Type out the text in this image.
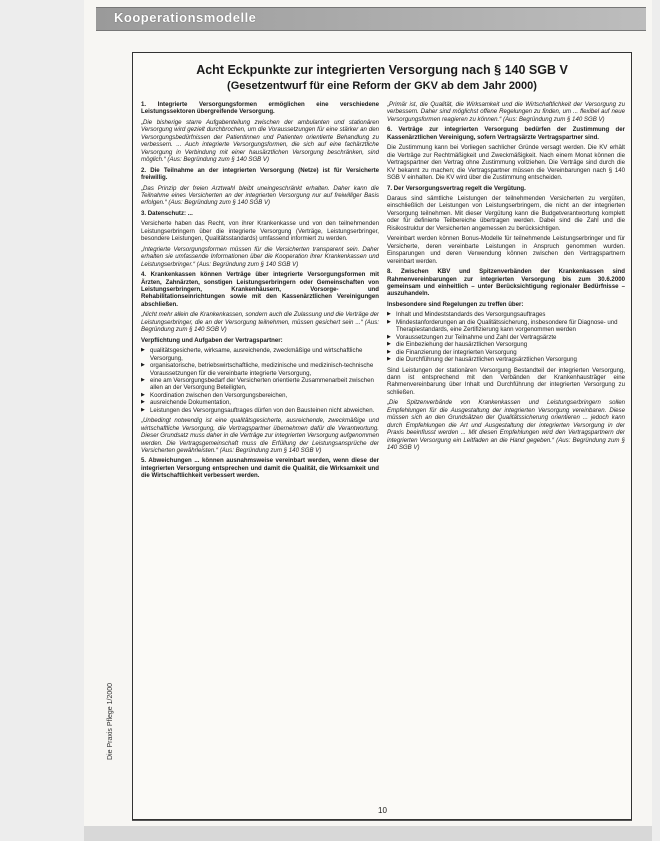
Kooperationsmodelle
Acht Eckpunkte zur integrierten Versorgung nach § 140 SGB V
(Gesetzentwurf für eine Reform der GKV ab dem Jahr 2000)

1. Integrierte Versorgungsformen ermöglichen eine verschiedene Leistungssektoren übergreifende Versorgung.

„Die bisherige starre Aufgabenteilung zwischen der ambulanten und stationären Versorgung wird gezielt durchbrochen, um die Voraussetzungen für eine stärker an den Versorgungsbedürfnissen der Patientinnen und Patienten orientierte Behandlung zu verbessern. ... Auch integrierte Versorgungsformen, die sich auf eine fachärztliche Versorgung in Verbindung mit einer hausärztlichen Versorgung beschränken, sind möglich.“ (Aus: Begründung zum § 140 SGB V)

2. Die Teilnahme an der integrierten Versorgung (Netze) ist für Versicherte freiwillig.

„Das Prinzip der freien Arztwahl bleibt uneingeschränkt erhalten. Daher kann die Teilnahme eines Versicherten an der integrierten Versorgung nur auf freiwilliger Basis erfolgen.“ (Aus: Begründung zum § 140 SGB V)

3. Datenschutz: ...

Versicherte haben das Recht, von ihrer Krankenkasse und von den teilnehmenden Leistungserbringern über die integrierte Versorgung (Verträge, Leistungserbringer, besondere Leistungen, Qualitätsstandards) umfassend informiert zu werden.

„Integrierte Versorgungsformen müssen für die Versicherten transparent sein. Daher erhalten sie umfassende Informationen über die Kooperation ihrer Krankenkassen und Leistungserbringer.“ (Aus: Begründung zum § 140 SGB V)

4. Krankenkassen können Verträge über integrierte Versorgungsformen mit Ärzten, Zahnärzten, sonstigen Leistungserbringern oder Gemeinschaften von Leistungserbringern, Krankenhäusern, Vorsorge- und Rehabilitationseinrichtungen sowie mit den Kassenärztlichen Vereinigungen abschließen.

„Nicht mehr allein die Krankenkassen, sondern auch die Zulassung und die Verträge der Leistungserbringer, die an der Versorgung teilnehmen, müssen gesichert sein ...“ (Aus: Begründung zum § 140 SGB V)

Verpflichtung und Aufgaben der Vertragspartner:

▶ qualitätsgesicherte, wirksame, ausreichende, zweckmäßige und wirtschaftliche Versorgung,
▶ organisatorische, betriebswirtschaftliche, medizinische und medizinisch-technische Voraussetzungen für die vereinbarte integrierte Versorgung,
▶ eine am Versorgungsbedarf der Versicherten orientierte Zusammenarbeit zwischen allen an der Versorgung Beteiligten,
▶ Koordination zwischen den Versorgungsbereichen,
▶ ausreichende Dokumentation,
▶ Leistungen des Versorgungsauftrages dürfen von den Bausteinen nicht abweichen.

„Unbedingt notwendig ist eine qualitätsgesicherte, ausreichende, zweckmäßige und wirtschaftliche Versorgung, die Vertragspartner übernehmen dafür die Verantwortung. Dieser Grundsatz muss daher in die Verträge zur integrierten Versorgung aufgenommen werden. Die Vertragsgemeinschaft muss die Erfüllung der Leistungsansprüche der Versicherten gewährleisten.“ (Aus: Begründung zum § 140 SGB V)

5. Abweichungen ... können ausnahmsweise vereinbart werden, wenn diese der integrierten Versorgung entsprechen und damit die Qualität, die Wirksamkeit und die Wirtschaftlichkeit verbessert werden.

„Primär ist, die Qualität, die Wirksamkeit und die Wirtschaftlichkeit der Versorgung zu verbessern. Daher sind möglichst offene Regelungen zu finden, um ... flexibel auf neue Versorgungsformen reagieren zu können.“ (Aus: Begründung zum § 140 SGB V)

6. Verträge zur integrierten Versorgung bedürfen der Zustimmung der Kassenärztlichen Vereinigung, sofern Vertragsärzte Vertragspartner sind.

Die Zustimmung kann bei Vorliegen sachlicher Gründe versagt werden. Die KV erhält die Verträge zur Rechtmäßigkeit und Zweckmäßigkeit. Nach einem Monat können die Vertragspartner den Vertrag ohne Zustimmung vollziehen. Die Verträge sind durch die KV bekannt zu machen; die Vertragspartner müssen die Vereinbarungen nach § 140 SGB V einhalten. Die KV wird über die Zustimmung entscheiden.

7. Der Versorgungsvertrag regelt die Vergütung.

Daraus sind sämtliche Leistungen der teilnehmenden Versicherten zu vergüten, einschließlich der Leistungen von Leistungserbringern, die nicht an der integrierten Versorgung teilnehmen. Mit dieser Vergütung kann die Budgetverantwortung komplett oder für definierte Teilbereiche übertragen werden. Dabei sind die Zahl und die Risikostruktur der Versicherten angemessen zu berücksichtigen.

Vereinbart werden können Bonus-Modelle für teilnehmende Leistungserbringer und für Versicherte, deren vereinbarte Leistungen in Anspruch genommen wurden. Einsparungen und deren Verwendung können zwischen den Vertragspartnern vereinbart werden.

8. Zwischen KBV und Spitzenverbänden der Krankenkassen sind Rahmenvereinbarungen zur integrierten Versorgung bis zum 30.6.2000 gemeinsam und einheitlich – unter Berücksichtigung regionaler Bedürfnisse – auszuhandeln.

Insbesondere sind Regelungen zu treffen über:

▶ Inhalt und Mindeststandards des Versorgungsauftrages
▶ Mindestanforderungen an die Qualitätssicherung, insbesondere für Diagnose- und Therapiestandards, eine Zertifizierung kann vorgenommen werden
▶ Voraussetzungen zur Teilnahme und Zahl der Vertragsärzte
▶ die Einbeziehung der hausärztlichen Versorgung
▶ die Finanzierung der integrierten Versorgung
▶ die Durchführung der hausärztlichen vertragsärztlichen Versorgung

Sind Leistungen der stationären Versorgung Bestandteil der integrierten Versorgung, dann ist entsprechend mit den Verbänden der Krankenhausträger eine Rahmenvereinbarung über Inhalt und Durchführung der integrierten Versorgung zu schließen.

„Die Spitzenverbände von Krankenkassen und Leistungserbringern sollen Empfehlungen für die Ausgestaltung der integrierten Versorgung vereinbaren. Diese müssen sich an den Grundsätzen der Qualitätssicherung orientieren ... jedoch kann durch Empfehlungen die Art und Ausgestaltung der integrierten Versorgung in der Praxis beeinflusst werden ... Mit diesen Empfehlungen wird den Vertragspartnern der integrierten Versorgung ein Leitfaden an die Hand gegeben.“ (Aus: Begründung zum § 140 SGB V)

10
Die Praxis Pflege 1/2000
